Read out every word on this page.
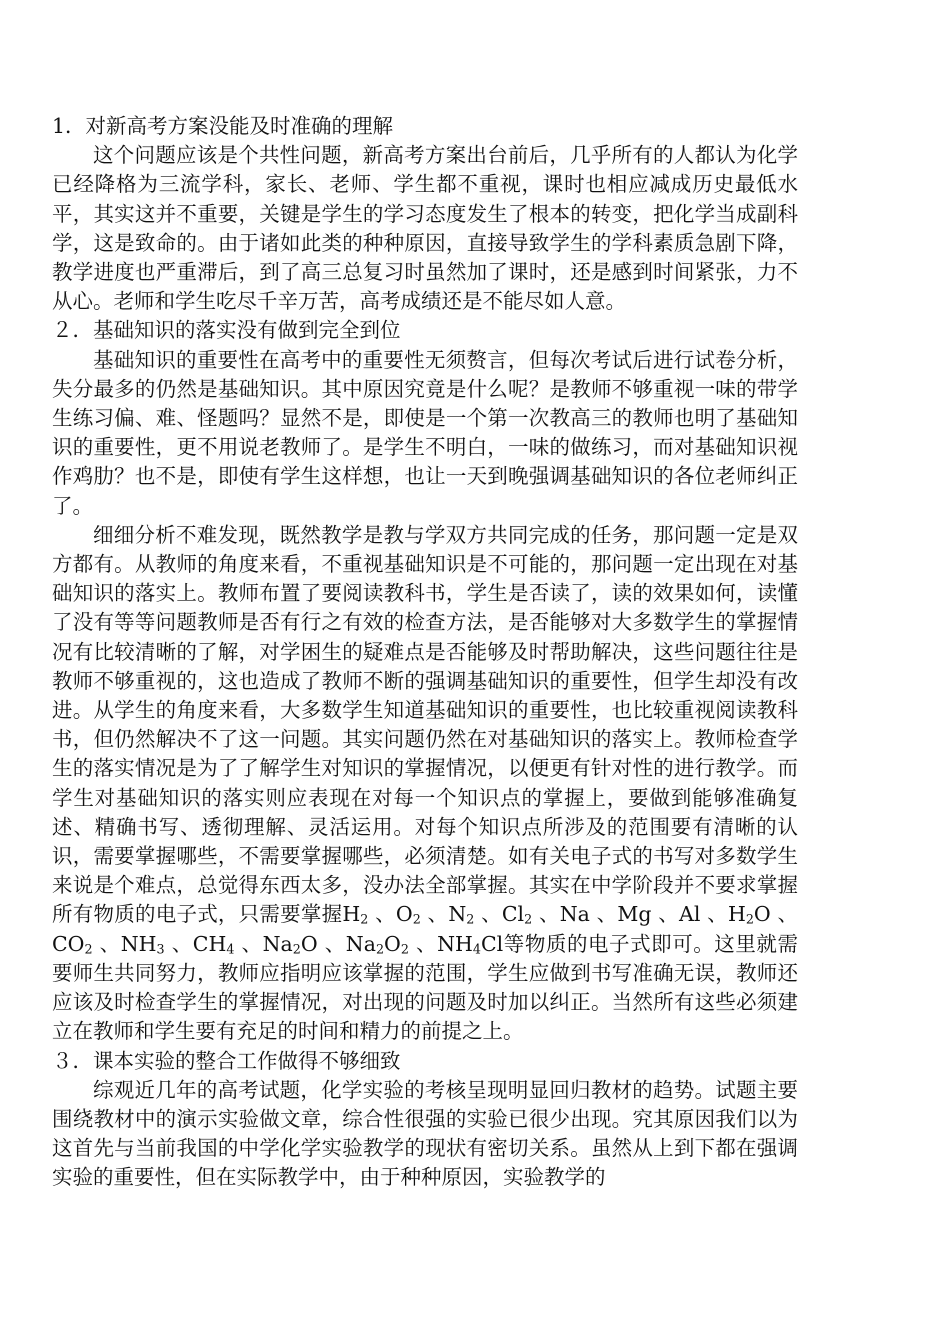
1．对新高考方案没能及时准确的理解

这个问题应该是个共性问题，新高考方案出台前后，几乎所有的人都认为化学已经降格为三流学科，家长、老师、学生都不重视，课时也相应减成历史最低水平，其实这并不重要，关键是学生的学习态度发生了根本的转变，把化学当成副科学，这是致命的。由于诸如此类的种种原因，直接导致学生的学科素质急剧下降，教学进度也严重滞后，到了高三总复习时虽然加了课时，还是感到时间紧张，力不从心。老师和学生吃尽千辛万苦，高考成绩还是不能尽如人意。

２．基础知识的落实没有做到完全到位

基础知识的重要性在高考中的重要性无须赘言，但每次考试后进行试卷分析，失分最多的仍然是基础知识。其中原因究竟是什么呢？是教师不够重视一味的带学生练习偏、难、怪题吗？显然不是，即使是一个第一次教高三的教师也明了基础知识的重要性，更不用说老教师了。是学生不明白，一味的做练习，而对基础知识视作鸡肋？也不是，即使有学生这样想，也让一天到晚强调基础知识的各位老师纠正了。

细细分析不难发现，既然教学是教与学双方共同完成的任务，那问题一定是双方都有。从教师的角度来看，不重视基础知识是不可能的，那问题一定出现在对基础知识的落实上。教师布置了要阅读教科书，学生是否读了，读的效果如何，读懂了没有等等问题教师是否有行之有效的检查方法，是否能够对大多数学生的掌握情况有比较清晰的了解，对学困生的疑难点是否能够及时帮助解决，这些问题往往是教师不够重视的，这也造成了教师不断的强调基础知识的重要性，但学生却没有改进。从学生的角度来看，大多数学生知道基础知识的重要性，也比较重视阅读教科书，但仍然解决不了这一问题。其实问题仍然在对基础知识的落实上。教师检查学生的落实情况是为了了解学生对知识的掌握情况，以便更有针对性的进行教学。而学生对基础知识的落实则应表现在对每一个知识点的掌握上，要做到能够准确复述、精确书写、透彻理解、灵活运用。对每个知识点所涉及的范围要有清晰的认识，需要掌握哪些，不需要掌握哪些，必须清楚。如有关电子式的书写对多数学生来说是个难点，总觉得东西太多，没办法全部掌握。其实在中学阶段并不要求掌握所有物质的电子式，只需要掌握$H_2$ 、$O_2$ 、$N_2$ 、$Cl_2$ 、Na 、Mg 、Al 、$H_2O$ 、$CO_2$ 、$NH_3$ 、$CH_4$ 、$Na_2O$ 、$Na_2O_2$ 、$NH_4Cl$等物质的电子式即可。这里就需要师生共同努力，教师应指明应该掌握的范围，学生应做到书写准确无误，教师还应该及时检查学生的掌握情况，对出现的问题及时加以纠正。当然所有这些必须建立在教师和学生要有充足的时间和精力的前提之上。

３．课本实验的整合工作做得不够细致

综观近几年的高考试题，化学实验的考核呈现明显回归教材的趋势。试题主要围绕教材中的演示实验做文章，综合性很强的实验已很少出现。究其原因我们以为这首先与当前我国的中学化学实验教学的现状有密切关系。虽然从上到下都在强调实验的重要性，但在实际教学中，由于种种原因，实验教学的
